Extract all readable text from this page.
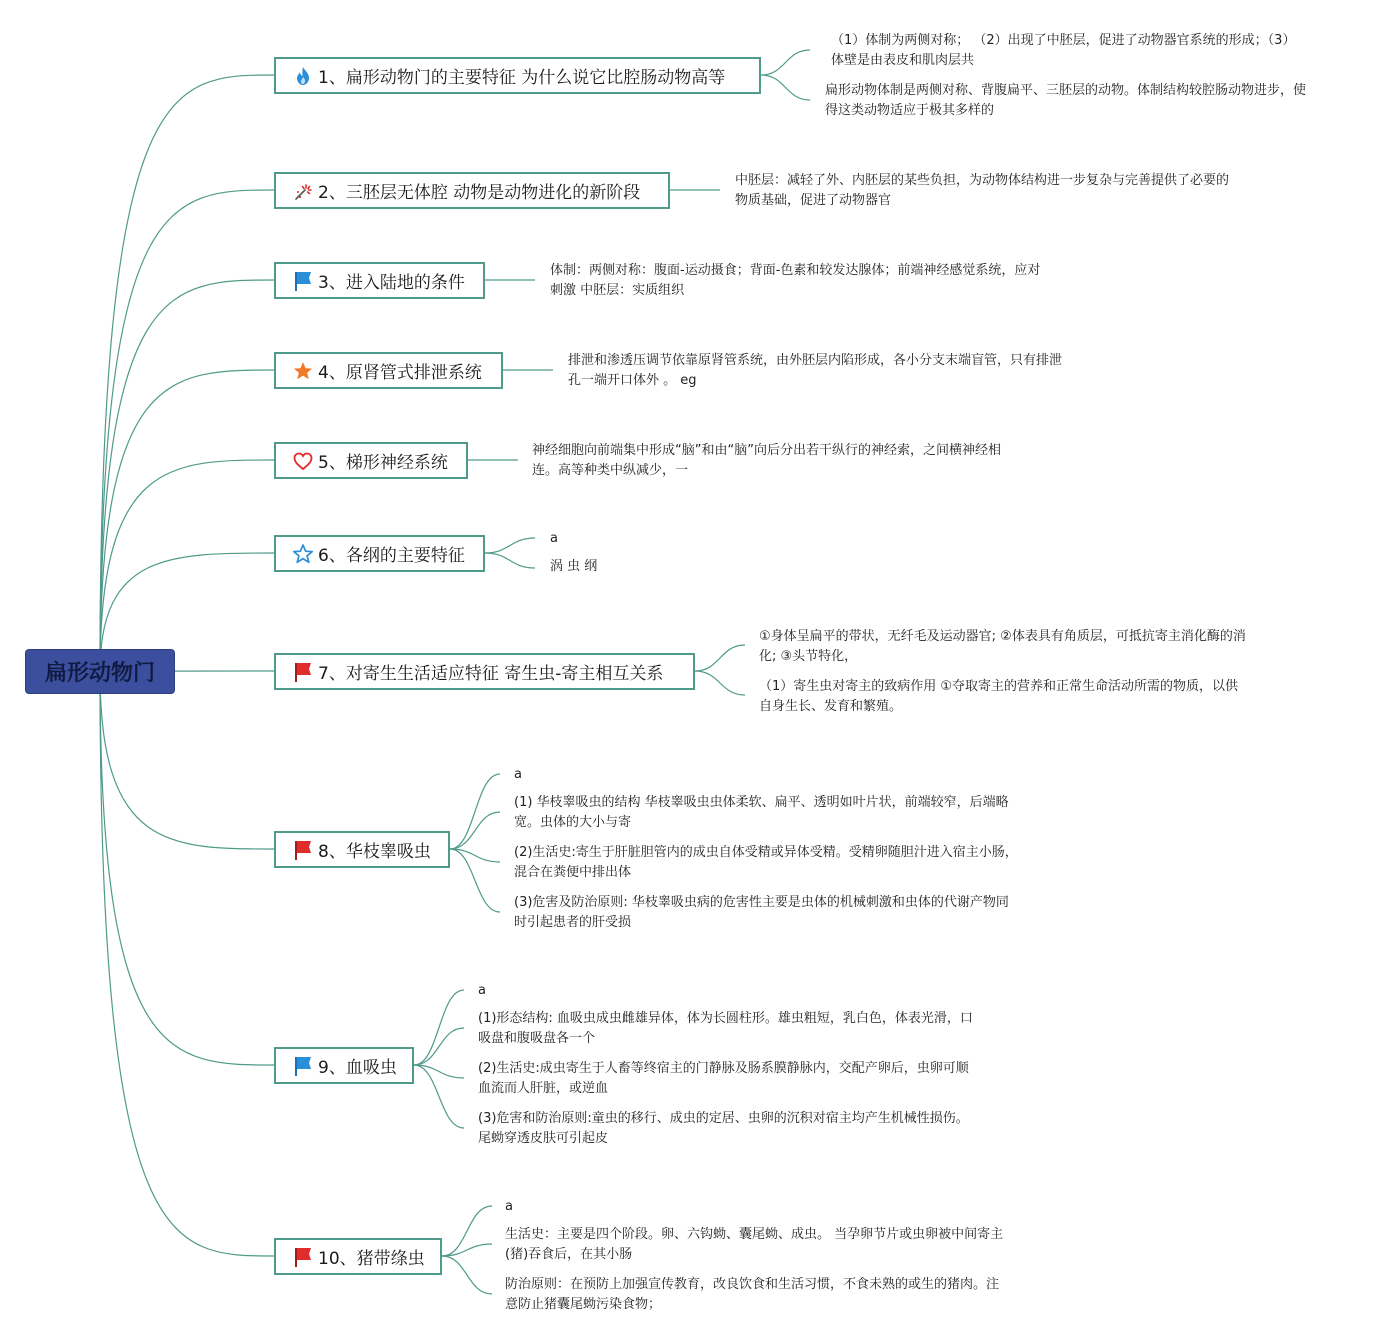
扁形动物门
1、扁形动物门的主要特征 为什么说它比腔肠动物高等
2、三胚层无体腔 动物是动物进化的新阶段
3、进入陆地的条件
4、原肾管式排泄系统
5、梯形神经系统
6、各纲的主要特征
7、对寄生生活适应特征 寄生虫-寄主相互关系
8、华枝睾吸虫
9、血吸虫
10、猪带绦虫
（1）体制为两侧对称； （2）出现了中胚层，促进了动物器官系统的形成；（3）体壁是由表皮和肌肉层共
扁形动物体制是两侧对称、背腹扁平、三胚层的动物。体制结构较腔肠动物进步，使得这类动物适应于极其多样的
中胚层：减轻了外、内胚层的某些负担，为动物体结构进一步复杂与完善提供了必要的物质基础，促进了动物器官
体制：两侧对称：腹面-运动摄食；背面-色素和较发达腺体；前端神经感觉系统，应对刺激 中胚层：实质组织
排泄和渗透压调节依靠原肾管系统，由外胚层内陷形成，各小分支末端盲管，只有排泄孔一端开口体外 。 eg
神经细胞向前端集中形成“脑”和由“脑”向后分出若干纵行的神经索，之间横神经相连。高等种类中纵减少，一
a
涡 虫 纲
①身体呈扁平的带状，无纤毛及运动器官; ②体表具有角质层，可抵抗寄主消化酶的消化; ③头节特化，
（1）寄生虫对寄主的致病作用 ①夺取寄主的营养和正常生命活动所需的物质，以供自身生长、发育和繁殖。
a
(1) 华枝睾吸虫的结构 华枝睾吸虫虫体柔软、扁平、透明如叶片状，前端较窄，后端略宽。虫体的大小与寄
(2)生活史:寄生于肝脏胆管内的成虫自体受精或异体受精。受精卵随胆汁进入宿主小肠，混合在粪便中排出体
(3)危害及防治原则: 华枝睾吸虫病的危害性主要是虫体的机械刺激和虫体的代谢产物同时引起患者的肝受损
a
(1)形态结构: 血吸虫成虫雌雄异体，体为长圆柱形。雄虫粗短，乳白色，体表光滑，口吸盘和腹吸盘各一个
(2)生活史:成虫寄生于人畜等终宿主的门静脉及肠系膜静脉内，交配产卵后，虫卵可顺血流而人肝脏，或逆血
(3)危害和防治原则:童虫的移行、成虫的定居、虫卵的沉积对宿主均产生机械性损伤。尾蚴穿透皮肤可引起皮
a
生活史：主要是四个阶段。卵、六钩蚴、囊尾蚴、成虫。 当孕卵节片或虫卵被中间寄主(猪)吞食后，在其小肠
防治原则：在预防上加强宣传教育，改良饮食和生活习惯，不食未熟的或生的猪肉。注意防止猪囊尾蚴污染食物；
